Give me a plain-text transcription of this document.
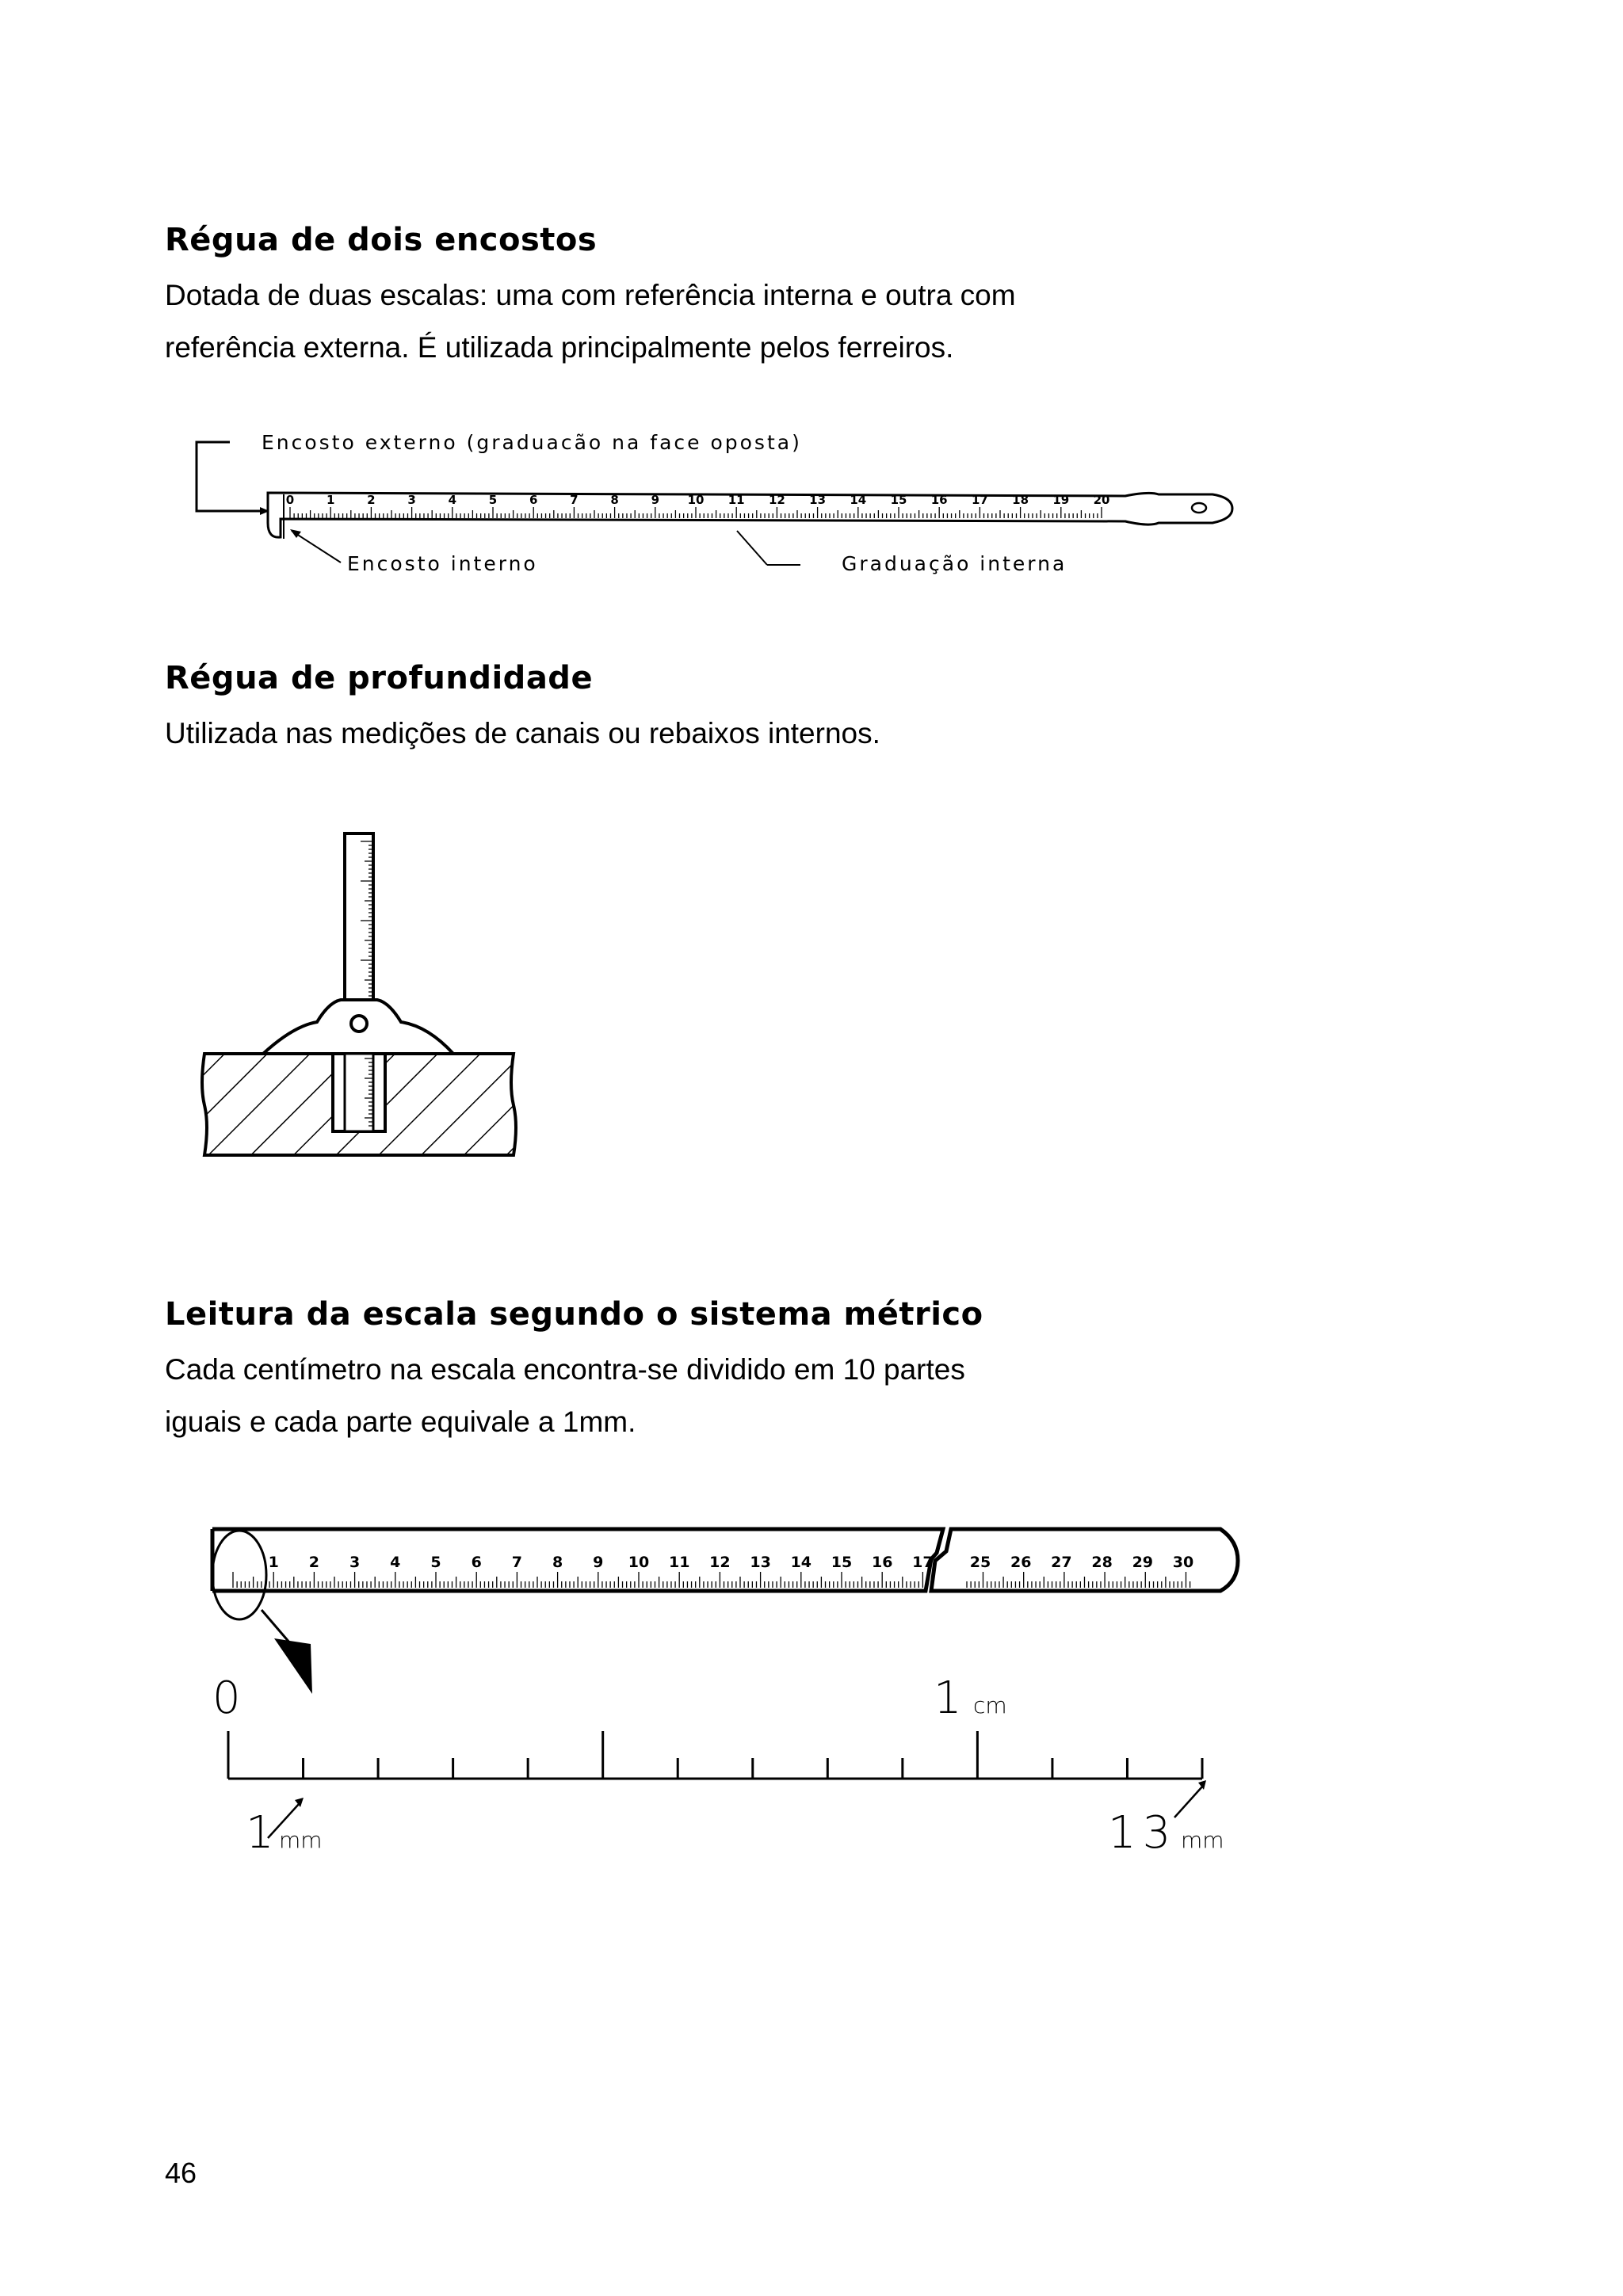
Régua de dois encostos
Dotada de duas escalas: uma com referência interna e outra com
referência externa. É utilizada principalmente pelos ferreiros.
Encosto externo (graduacão na face oposta)
0	1	2	3	4	5	6	7	8	9 10 11 12 13 14 15 16 17 18 19 20
Encosto interno	Graduação interna
Régua de profundidade
Utilizada nas medições de canais ou rebaixos internos.
Leitura da escala segundo o sistema métrico
Cada centímetro na escala encontra-se dividido em 10 partes
iguais e cada parte equivale a 1mm.
1 2 3 4 5 6 7 8 9 10 11 12 13 14 15 16 17 25 26 27 28 29 30
0	1 cm
1 mm	13 mm
46
